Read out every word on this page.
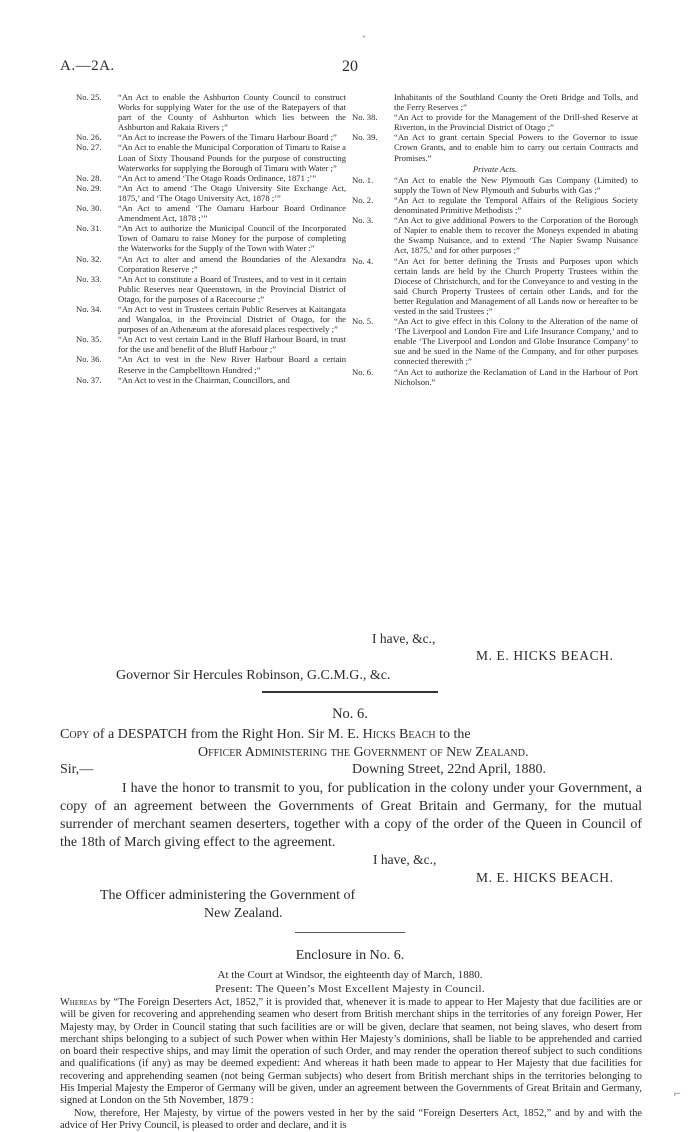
ˏ
⌐
A.—2A.	20
No. 25. “An Act to enable the Ashburton County Council to construct Works for supplying Water for the use of the Ratepayers of that part of the County of Ashburton which lies between the Ashburton and Rakaia Rivers ;”
No. 26. “An Act to increase the Powers of the Timaru Harbour Board ;”
No. 27. “An Act to enable the Municipal Corporation of Timaru to Raise a Loan of Sixty Thousand Pounds for the purpose of constructing Waterworks for supplying the Borough of Timaru with Water ;”
No. 28. “An Act to amend ‘The Otago Roads Ordinance, 1871 ;’”
No. 29. “An Act to amend ‘The Otago University Site Exchange Act, 1875,’ and ‘The Otago University Act, 1878 ;’”
No. 30. “An Act to amend ‘The Oamaru Harbour Board Ordinance Amendment Act, 1878 ;’”
No. 31. “An Act to authorize the Municipal Council of the Incorporated Town of Oamaru to raise Money for the purpose of completing the Waterworks for the Supply of the Town with Water :”
No. 32. “An Act to alter and amend the Boundaries of the Alexandra Corporation Reserve ;”
No. 33. “An Act to constitute a Board of Trustees, and to vest in it certain Public Reserves near Queenstown, in the Provincial District of Otago, for the purposes of a Racecourse ;”
No. 34. “An Act to vest in Trustees certain Public Reserves at Kaitangata and Wangaloa, in the Provincial District of Otago, for the purposes of an Athenæum at the aforesaid places respectively ;”
No. 35. “An Act to vest certain Land in the Bluff Harbour Board, in trust for the use and benefit of the Bluff Harbour ;”
No. 36. “An Act to vest in the New River Harbour Board a certain Reserve in the Campbelltown Hundred ;”
No. 37. “An Act to vest in the Chairman, Councillors, and
Inhabitants of the Southland County the Oreti Bridge and Tolls, and the Ferry Reserves ;”
No. 38. “An Act to provide for the Management of the Drill-shed Reserve at Riverton, in the Provincial District of Otago ;”
No. 39. “An Act to grant certain Special Powers to the Governor to issue Crown Grants, and to enable him to carry out certain Contracts and Promises.”
Private Acts.
No. 1. “An Act to enable the New Plymouth Gas Company (Limited) to supply the Town of New Plymouth and Suburbs with Gas ;”
No. 2. “An Act to regulate the Temporal Affairs of the Religious Society denominated Primitive Methodists ;”
No. 3. “An Act to give additional Powers to the Corporation of the Borough of Napier to enable them to recover the Moneys expended in abating the Swamp Nuisance, and to extend ‘The Napier Swamp Nuisance Act, 1875,’ and for other purposes ;”
No. 4. “An Act for better defining the Trusts and Purposes upon which certain lands are held by the Church Property Trustees within the Diocese of Christchurch, and for the Conveyance to and vesting in the said Church Property Trustees of certain other Lands, and for the better Regulation and Management of all Lands now or hereafter to be vested in the said Trustees ;”
No. 5. “An Act to give effect in this Colony to the Alteration of the name of ‘The Liverpool and London Fire and Life Insurance Company,’ and to enable ‘The Liverpool and London and Globe Insurance Company’ to sue and be sued in the Name of the Company, and for other purposes connected therewith ;”
No. 6. “An Act to authorize the Reclamation of Land in the Harbour of Port Nicholson.”
I have, &c.,
M. E. HICKS BEACH.
Governor Sir Hercules Robinson, G.C.M.G., &c.
No. 6.
Copy of a DESPATCH from the Right Hon. Sir M. E. Hicks Beach to the
Officer Administering the Government of New Zealand.
Sir,—	Downing Street, 22nd April, 1880.
I have the honor to transmit to you, for publication in the colony under your Government, a copy of an agreement between the Governments of Great Britain and Germany, for the mutual surrender of merchant seamen deserters, together with a copy of the order of the Queen in Council of the 18th of March giving effect to the agreement.
I have, &c.,
M. E. HICKS BEACH.
The Officer administering the Government of
New Zealand.
Enclosure in No. 6.
At the Court at Windsor, the eighteenth day of March, 1880.
Present: The Queen’s Most Excellent Majesty in Council.

Whereas by “The Foreign Deserters Act, 1852,” it is provided that, whenever it is made to appear to Her Majesty that due facilities are or will be given for recovering and apprehending seamen who desert from British merchant ships in the territories of any foreign Power, Her Majesty may, by Order in Council stating that such facilities are or will be given, declare that seamen, not being slaves, who desert from merchant ships belonging to a subject of such Power when within Her Majesty’s dominions, shall be liable to be apprehended and carried on board their respective ships, and may limit the operation of such Order, and may render the operation thereof subject to such conditions and qualifications (if any) as may be deemed expedient: And whereas it hath been made to appear to Her Majesty that due facilities for recovering and apprehending seamen (not being German subjects) who desert from British merchant ships in the territories belonging to His Imperial Majesty the Emperor of Germany will be given, under an agreement between the Governments of Great Britain and Germany, signed at London on the 5th November, 1879 :

Now, therefore, Her Majesty, by virtue of the powers vested in her by the said “Foreign Deserters Act, 1852,” and by and with the advice of Her Privy Council, is pleased to order and declare, and it is
